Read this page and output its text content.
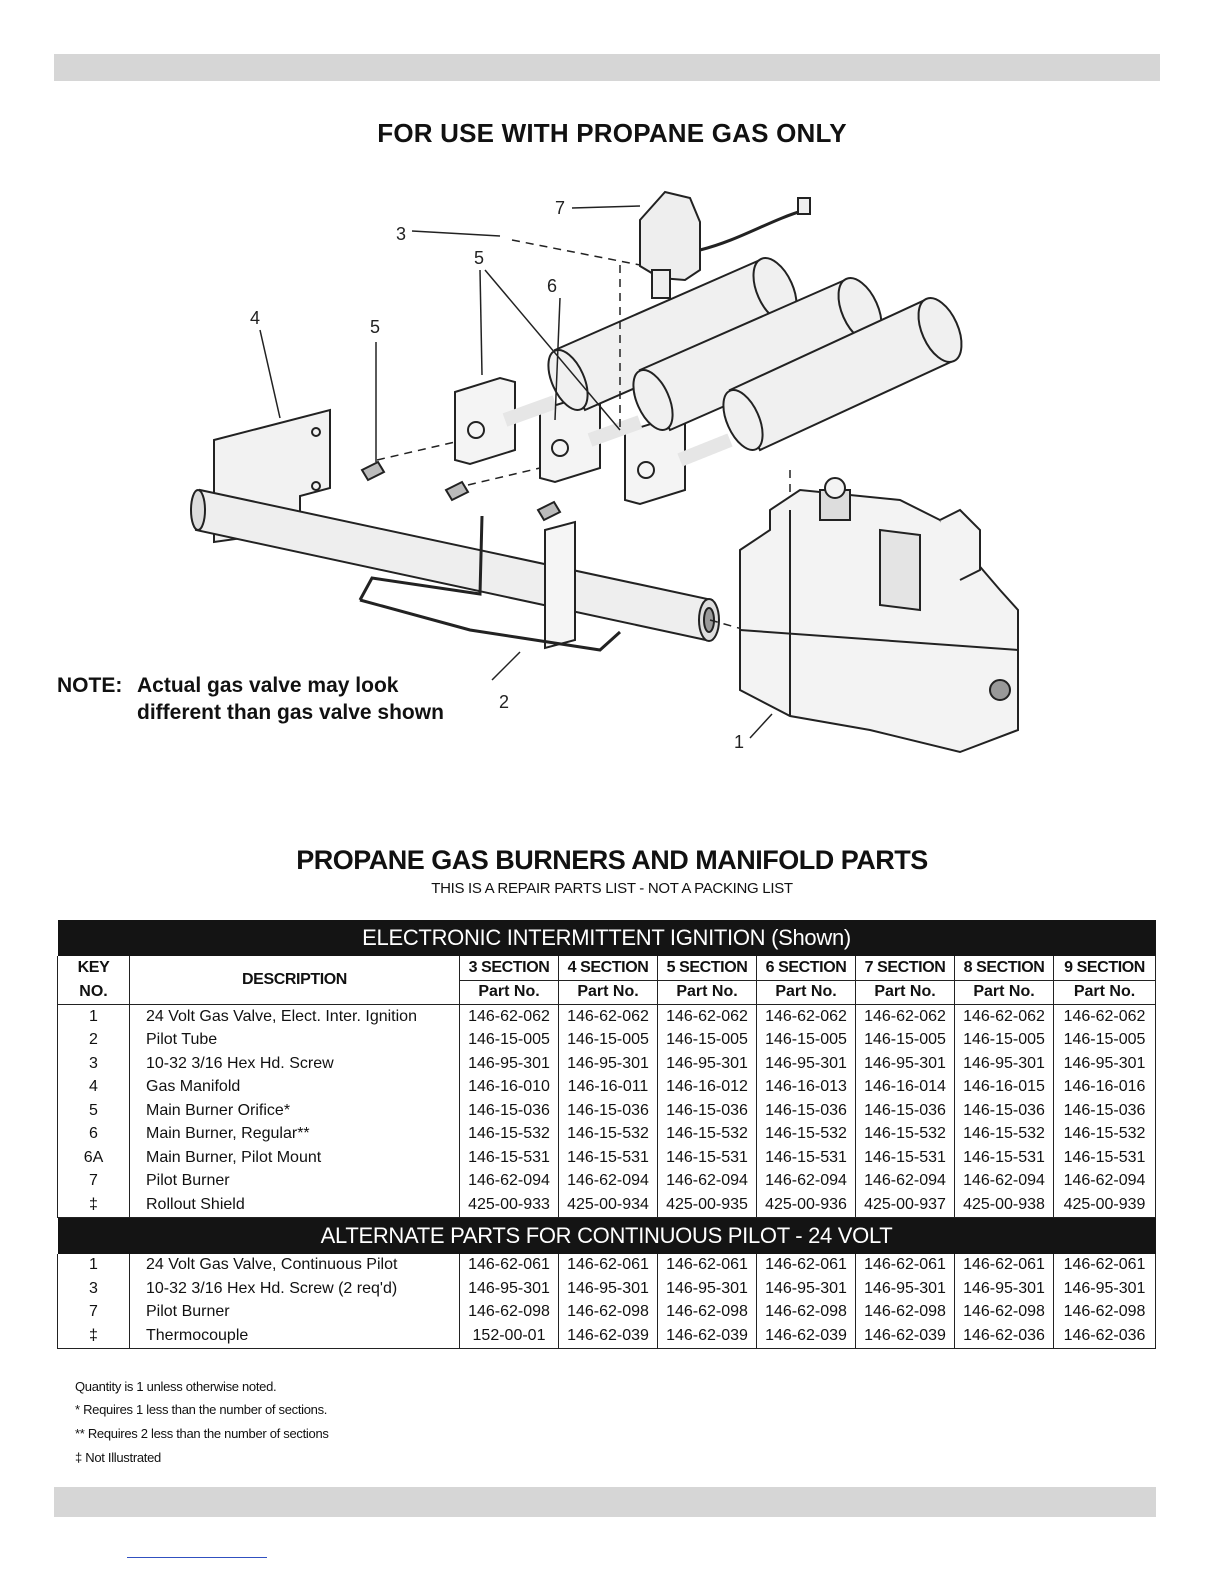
FOR USE WITH PROPANE GAS ONLY
3
7
5
6
4	5
2
1
NOTE: Actual gas valve may look
different than gas valve shown
PROPANE GAS BURNERS AND MANIFOLD PARTS
THIS IS A REPAIR PARTS LIST - NOT A PACKING LIST
ELECTRONIC INTERMITTENT IGNITION (Shown)								
KEY	DESCRIPTION	3 SECTION	4 SECTION	5 SECTION	6 SECTION	7 SECTION	8 SECTION	9 SECTION
NO.		Part No.	Part No.	Part No.	Part No.	Part No.	Part No.	Part No.
1	24 Volt Gas Valve, Elect. Inter. Ignition	146-62-062	146-62-062	146-62-062	146-62-062	146-62-062	146-62-062	146-62-062
2	Pilot Tube	146-15-005	146-15-005	146-15-005	146-15-005	146-15-005	146-15-005	146-15-005
3	10-32 3/16 Hex Hd. Screw	146-95-301	146-95-301	146-95-301	146-95-301	146-95-301	146-95-301	146-95-301
4	Gas Manifold	146-16-010	146-16-011	146-16-012	146-16-013	146-16-014	146-16-015	146-16-016
5	Main Burner Orifice*	146-15-036	146-15-036	146-15-036	146-15-036	146-15-036	146-15-036	146-15-036
6	Main Burner, Regular**	146-15-532	146-15-532	146-15-532	146-15-532	146-15-532	146-15-532	146-15-532
6A	Main Burner, Pilot Mount	146-15-531	146-15-531	146-15-531	146-15-531	146-15-531	146-15-531	146-15-531
7	Pilot Burner	146-62-094	146-62-094	146-62-094	146-62-094	146-62-094	146-62-094	146-62-094
‡	Rollout Shield	425-00-933	425-00-934	425-00-935	425-00-936	425-00-937	425-00-938	425-00-939
ALTERNATE PARTS FOR CONTINUOUS PILOT - 24 VOLT								
1	24 Volt Gas Valve, Continuous Pilot	146-62-061	146-62-061	146-62-061	146-62-061	146-62-061	146-62-061	146-62-061
3	10-32 3/16 Hex Hd. Screw (2 req'd)	146-95-301	146-95-301	146-95-301	146-95-301	146-95-301	146-95-301	146-95-301
7	Pilot Burner	146-62-098	146-62-098	146-62-098	146-62-098	146-62-098	146-62-098	146-62-098
‡	Thermocouple	152-00-01	146-62-039	146-62-039	146-62-039	146-62-039	146-62-036	146-62-036
Quantity is 1 unless otherwise noted.
* Requires 1 less than the number of sections.
** Requires 2 less than the number of sections
‡ Not Illustrated
